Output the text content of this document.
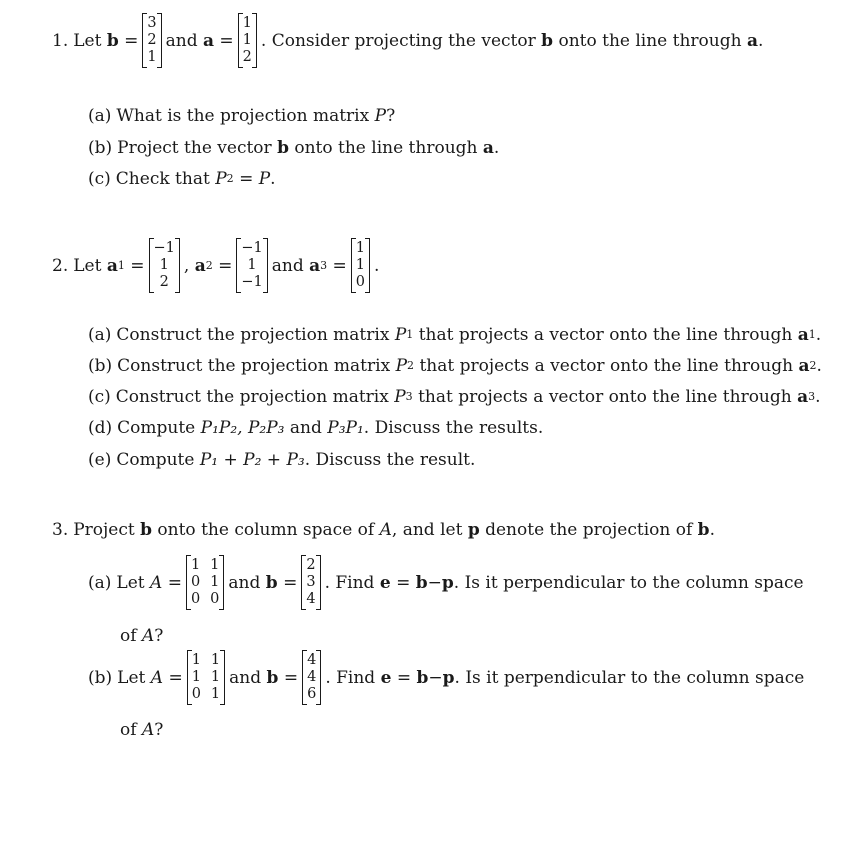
1. Let
b
=
3
2
1
and
a
=
1
1
2
. Consider projecting the vector
b
onto the line through
a .
(a) What is the projection matrix
P ?
(b) Project the vector
b
onto the line through
a .
(c) Check that
P 2
= P .
2. Let
a 1
=
−1
1
2
,
a 2
=
−1
1
−1
and
a 3
=
1
1
0
.
(a) Construct the projection matrix
P 1
that projects a vector onto the line through
a 1 .
(b) Construct the projection matrix
P 2
that projects a vector onto the line through
a 2 .
(c) Construct the projection matrix
P 3
that projects a vector onto the line through
a 3 .
(d) Compute
P₁P₂,
P₂P₃
and
P₃P₁ . Discuss the results.
(e) Compute
P₁ + P₂ + P₃ . Discuss the result.
3. Project
b
onto the column space of
A , and let
p
denote the projection of
b .
(a) Let
A
=
1 1
0 1
0 0
and
b
=
2
3
4
. Find
e
=
b − p . Is it perpendicular to the column space
of
A ?
(b) Let
A
=
1 1
1 1
0 1
and
b
=
4
4
6
. Find
e
=
b − p . Is it perpendicular to the column space
of
A ?
